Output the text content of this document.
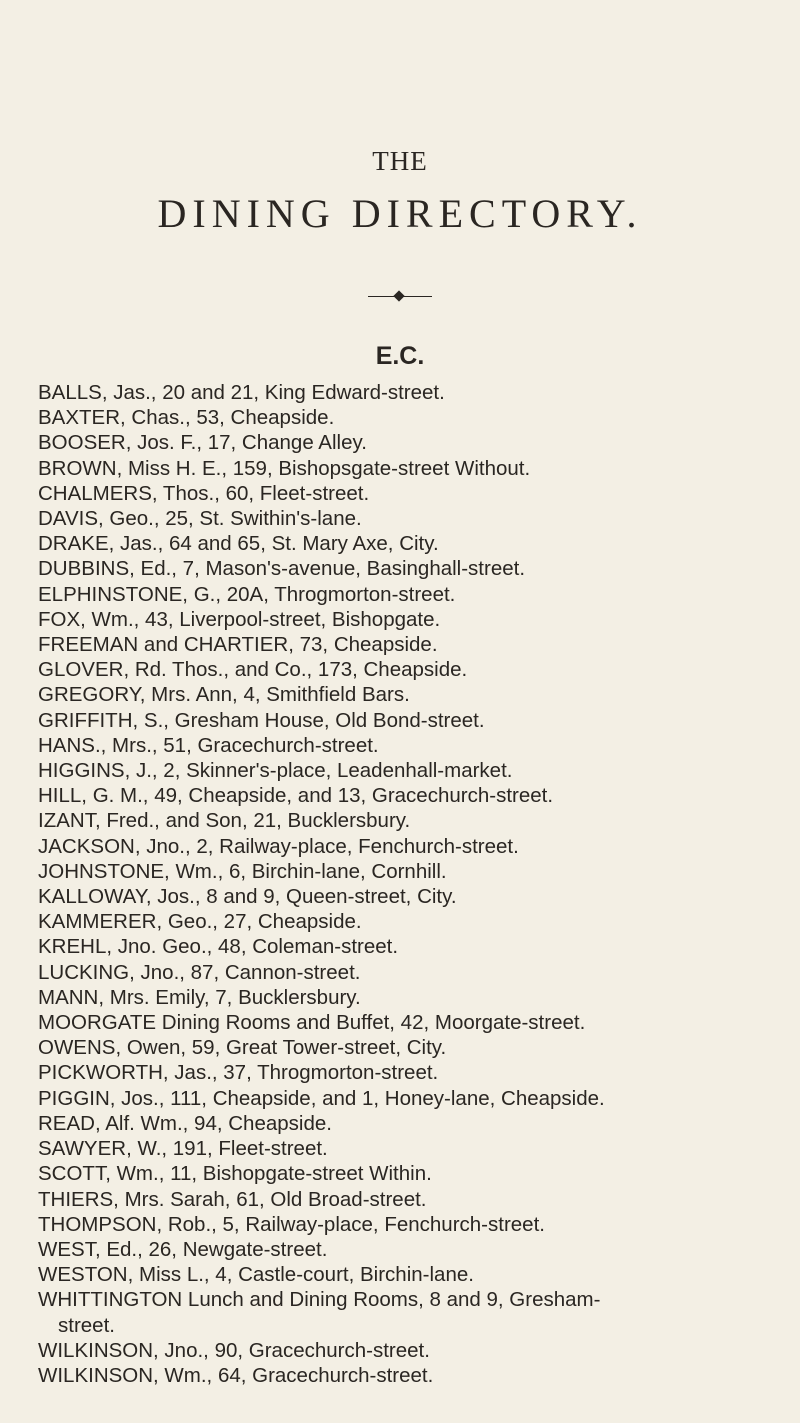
THE
DINING DIRECTORY.
E.C.
BALLS, Jas., 20 and 21, King Edward-street.
BAXTER, Chas., 53, Cheapside.
BOOSER, Jos. F., 17, Change Alley.
BROWN, Miss H. E., 159, Bishopsgate-street Without.
CHALMERS, Thos., 60, Fleet-street.
DAVIS, Geo., 25, St. Swithin's-lane.
DRAKE, Jas., 64 and 65, St. Mary Axe, City.
DUBBINS, Ed., 7, Mason's-avenue, Basinghall-street.
ELPHINSTONE, G., 20A, Throgmorton-street.
FOX, Wm., 43, Liverpool-street, Bishopgate.
FREEMAN and CHARTIER, 73, Cheapside.
GLOVER, Rd. Thos., and Co., 173, Cheapside.
GREGORY, Mrs. Ann, 4, Smithfield Bars.
GRIFFITH, S., Gresham House, Old Bond-street.
HANS., Mrs., 51, Gracechurch-street.
HIGGINS, J., 2, Skinner's-place, Leadenhall-market.
HILL, G. M., 49, Cheapside, and 13, Gracechurch-street.
IZANT, Fred., and Son, 21, Bucklersbury.
JACKSON, Jno., 2, Railway-place, Fenchurch-street.
JOHNSTONE, Wm., 6, Birchin-lane, Cornhill.
KALLOWAY, Jos., 8 and 9, Queen-street, City.
KAMMERER, Geo., 27, Cheapside.
KREHL, Jno. Geo., 48, Coleman-street.
LUCKING, Jno., 87, Cannon-street.
MANN, Mrs. Emily, 7, Bucklersbury.
MOORGATE Dining Rooms and Buffet, 42, Moorgate-street.
OWENS, Owen, 59, Great Tower-street, City.
PICKWORTH, Jas., 37, Throgmorton-street.
PIGGIN, Jos., 111, Cheapside, and 1, Honey-lane, Cheapside.
READ, Alf. Wm., 94, Cheapside.
SAWYER, W., 191, Fleet-street.
SCOTT, Wm., 11, Bishopgate-street Within.
THIERS, Mrs. Sarah, 61, Old Broad-street.
THOMPSON, Rob., 5, Railway-place, Fenchurch-street.
WEST, Ed., 26, Newgate-street.
WESTON, Miss L., 4, Castle-court, Birchin-lane.
WHITTINGTON Lunch and Dining Rooms, 8 and 9, Gresham-
street.
WILKINSON, Jno., 90, Gracechurch-street.
WILKINSON, Wm., 64, Gracechurch-street.
